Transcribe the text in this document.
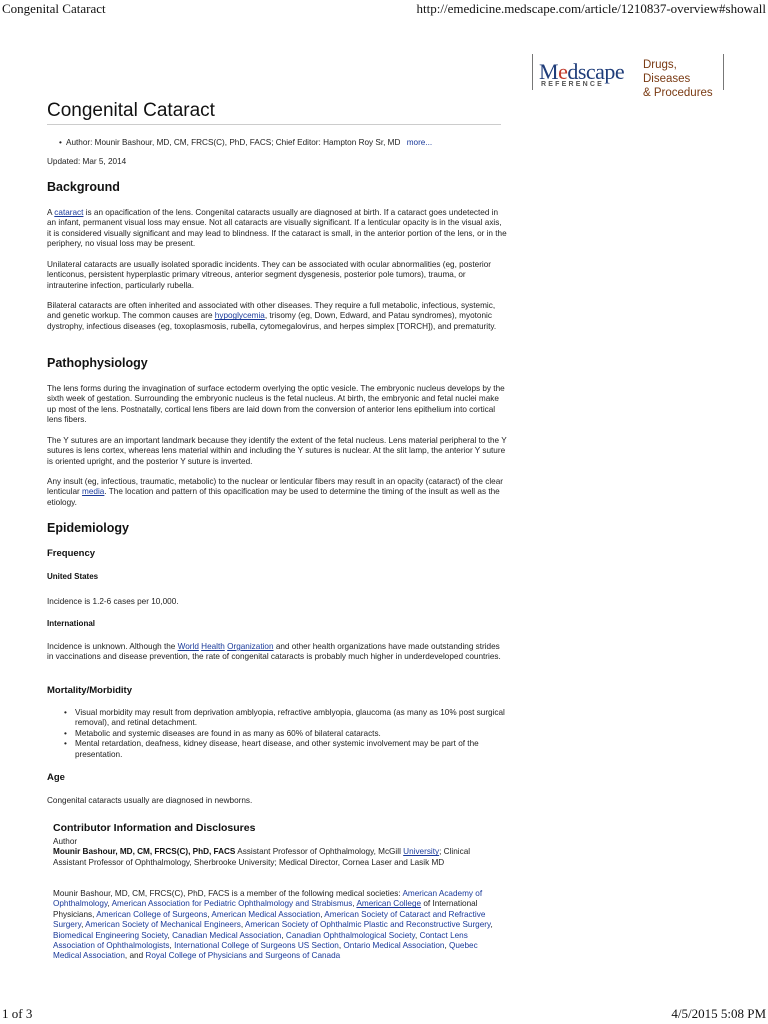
Congenital Cataract	http://emedicine.medscape.com/article/1210837-overview#showall
Medscape
REFERENCE
Drugs, Diseases
& Procedures
Congenital Cataract
• Author: Mounir Bashour, MD, CM, FRCS(C), PhD, FACS; Chief Editor: Hampton Roy Sr, MD more...
Updated: Mar 5, 2014
Background
A cataract is an opacification of the lens. Congenital cataracts usually are diagnosed at birth. If a cataract goes undetected in an infant, permanent visual loss may ensue. Not all cataracts are visually significant. If a lenticular opacity is in the visual axis, it is considered visually significant and may lead to blindness. If the cataract is small, in the anterior portion of the lens, or in the periphery, no visual loss may be present.
Unilateral cataracts are usually isolated sporadic incidents. They can be associated with ocular abnormalities (eg, posterior lenticonus, persistent hyperplastic primary vitreous, anterior segment dysgenesis, posterior pole tumors), trauma, or intrauterine infection, particularly rubella.
Bilateral cataracts are often inherited and associated with other diseases. They require a full metabolic, infectious, systemic, and genetic workup. The common causes are hypoglycemia, trisomy (eg, Down, Edward, and Patau syndromes), myotonic dystrophy, infectious diseases (eg, toxoplasmosis, rubella, cytomegalovirus, and herpes simplex [TORCH]), and prematurity.
Pathophysiology
The lens forms during the invagination of surface ectoderm overlying the optic vesicle. The embryonic nucleus develops by the sixth week of gestation. Surrounding the embryonic nucleus is the fetal nucleus. At birth, the embryonic and fetal nuclei make up most of the lens. Postnatally, cortical lens fibers are laid down from the conversion of anterior lens epithelium into cortical lens fibers.
The Y sutures are an important landmark because they identify the extent of the fetal nucleus. Lens material peripheral to the Y sutures is lens cortex, whereas lens material within and including the Y sutures is nuclear. At the slit lamp, the anterior Y suture is oriented upright, and the posterior Y suture is inverted.
Any insult (eg, infectious, traumatic, metabolic) to the nuclear or lenticular fibers may result in an opacity (cataract) of the clear lenticular media. The location and pattern of this opacification may be used to determine the timing of the insult as well as the etiology.
Epidemiology
Frequency
United States
Incidence is 1.2-6 cases per 10,000.
International
Incidence is unknown. Although the World Health Organization and other health organizations have made outstanding strides in vaccinations and disease prevention, the rate of congenital cataracts is probably much higher in underdeveloped countries.
Mortality/Morbidity
• Visual morbidity may result from deprivation amblyopia, refractive amblyopia, glaucoma (as many as 10% post surgical removal), and retinal detachment.
• Metabolic and systemic diseases are found in as many as 60% of bilateral cataracts.
• Mental retardation, deafness, kidney disease, heart disease, and other systemic involvement may be part of the presentation.
Age
Congenital cataracts usually are diagnosed in newborns.
Contributor Information and Disclosures
Author
Mounir Bashour, MD, CM, FRCS(C), PhD, FACS Assistant Professor of Ophthalmology, McGill University; Clinical Assistant Professor of Ophthalmology, Sherbrooke University; Medical Director, Cornea Laser and Lasik MD
Mounir Bashour, MD, CM, FRCS(C), PhD, FACS is a member of the following medical societies: American Academy of Ophthalmology, American Association for Pediatric Ophthalmology and Strabismus, American College of International Physicians, American College of Surgeons, American Medical Association, American Society of Cataract and Refractive Surgery, American Society of Mechanical Engineers, American Society of Ophthalmic Plastic and Reconstructive Surgery, Biomedical Engineering Society, Canadian Medical Association, Canadian Ophthalmological Society, Contact Lens Association of Ophthalmologists, International College of Surgeons US Section, Ontario Medical Association, Quebec Medical Association, and Royal College of Physicians and Surgeons of Canada
1 of 3	4/5/2015 5:08 PM
